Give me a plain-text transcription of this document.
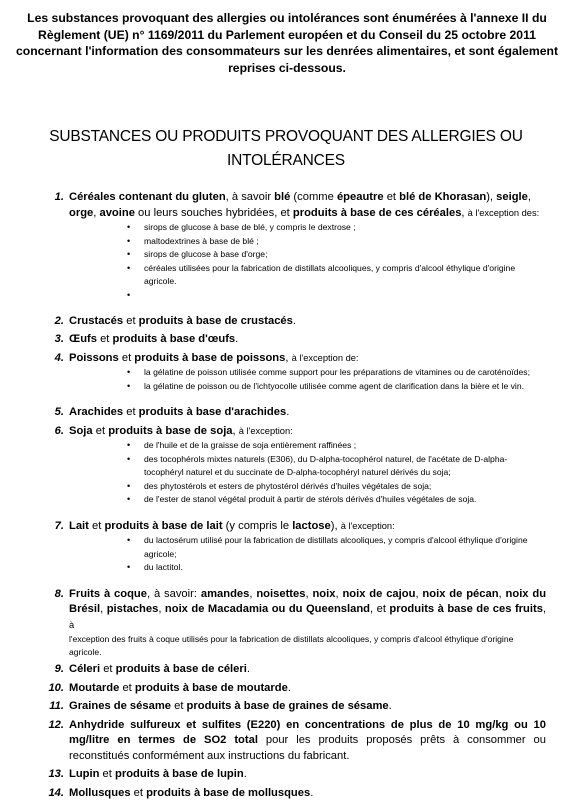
Les substances provoquant des allergies ou intolérances sont énumérées à l'annexe II du Règlement (UE) n° 1169/2011 du Parlement européen et du Conseil du 25 octobre 2011 concernant l'information des consommateurs sur les denrées alimentaires, et sont également reprises ci-dessous.
SUBSTANCES OU PRODUITS PROVOQUANT DES ALLERGIES OU INTOLÉRANCES
1. Céréales contenant du gluten, à savoir blé (comme épeautre et blé de Khorasan), seigle, orge, avoine ou leurs souches hybridées, et produits à base de ces céréales, à l'exception des:
• sirops de glucose à base de blé, y compris le dextrose ;
• maltodextrines à base de blé ;
• sirops de glucose à base d'orge;
• céréales utilisées pour la fabrication de distillats alcooliques, y compris d'alcool éthylique d'origine agricole.
•
2. Crustacés et produits à base de crustacés.
3. Œufs et produits à base d'œufs.
4. Poissons et produits à base de poissons, à l'exception de:
• la gélatine de poisson utilisée comme support pour les préparations de vitamines ou de caroténoïdes;
• la gélatine de poisson ou de l'ichtyocolle utilisée comme agent de clarification dans la bière et le vin.
5. Arachides et produits à base d'arachides.
6. Soja et produits à base de soja, à l'exception:
• de l'huile et de la graisse de soja entièrement raffinées ;
• des tocophérols mixtes naturels (E306), du D-alpha-tocophérol naturel, de l'acétate de D-alpha-tocophéryl naturel et du succinate de D-alpha-tocophéryl naturel dérivés du soja;
• des phytostérols et esters de phytostérol dérivés d'huiles végétales de soja;
• de l'ester de stanol végétal produit à partir de stérols dérivés d'huiles végétales de soja.
7. Lait et produits à base de lait (y compris le lactose), à l'exception:
• du lactosérum utilisé pour la fabrication de distillats alcooliques, y compris d'alcool éthylique d'origine agricole;
• du lactitol.
8. Fruits à coque, à savoir: amandes, noisettes, noix, noix de cajou, noix de pécan, noix du Brésil, pistaches, noix de Macadamia ou du Queensland, et produits à base de ces fruits, à
l'exception des fruits à coque utilisés pour la fabrication de distillats alcooliques, y compris d'alcool éthylique d'origine agricole.
9. Céleri et produits à base de céleri.
10. Moutarde et produits à base de moutarde.
11. Graines de sésame et produits à base de graines de sésame.
12. Anhydride sulfureux et sulfites (E220) en concentrations de plus de 10 mg/kg ou 10 mg/litre en termes de SO2 total pour les produits proposés prêts à consommer ou reconstitués conformément aux instructions du fabricant.
13. Lupin et produits à base de lupin.
14. Mollusques et produits à base de mollusques.
